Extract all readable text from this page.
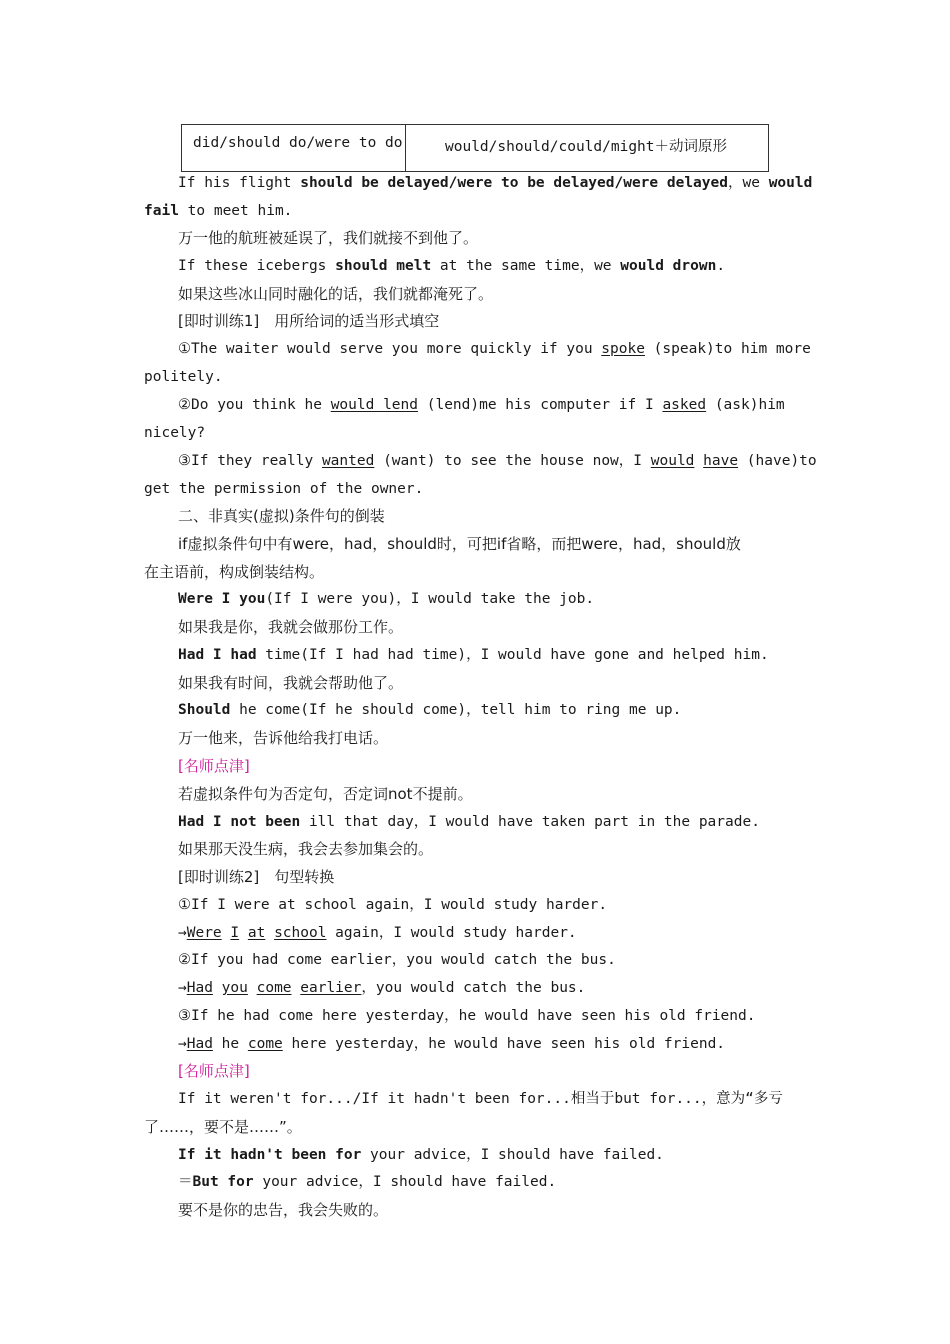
did/should do/were to do	would/should/could/might＋动词原形
If his flight should be delayed/were to be delayed/were delayed，we would
fail to meet him.
万一他的航班被延误了，我们就接不到他了。
If these icebergs should melt at the same time，we would drown.
如果这些冰山同时融化的话，我们就都淹死了。
[即时训练1]　用所给词的适当形式填空
①The waiter would serve you more quickly if you spoke (speak)to him more
politely.
②Do you think he would lend (lend)me his computer if I asked (ask)him
nicely?
③If they really wanted (want) to see the house now，I would have (have)to
get the permission of the owner.
二、非真实(虚拟)条件句的倒装
if虚拟条件句中有were，had，should时，可把if省略，而把were，had，should放
在主语前，构成倒装结构。
Were I you(If I were you)，I would take the job.
如果我是你，我就会做那份工作。
Had I had time(If I had had time)，I would have gone and helped him.
如果我有时间，我就会帮助他了。
Should he come(If he should come)，tell him to ring me up.
万一他来，告诉他给我打电话。
[名师点津]
若虚拟条件句为否定句，否定词not不提前。
Had I not been ill that day，I would have taken part in the parade.
如果那天没生病，我会去参加集会的。
[即时训练2]　句型转换
①If I were at school again，I would study harder.
→Were I at school again，I would study harder.
②If you had come earlier，you would catch the bus.
→Had you come earlier，you would catch the bus.
③If he had come here yesterday，he would have seen his old friend.
→Had he come here yesterday，he would have seen his old friend.
[名师点津]
If it weren't for.../If it hadn't been for...相当于but for...，意为“多亏
了……，要不是……”。
If it hadn't been for your advice，I should have failed.
＝But for your advice，I should have failed.
要不是你的忠告，我会失败的。
